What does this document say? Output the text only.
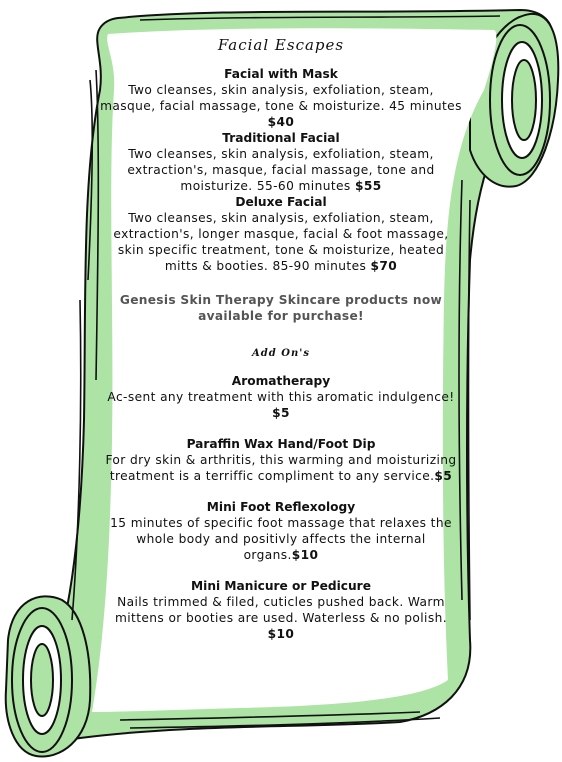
Facial Escapes
Facial with Mask
Two cleanses, skin analysis, exfoliation, steam, masque, facial massage, tone & moisturize. 45 minutes $40
Traditional Facial
Two cleanses, skin analysis, exfoliation, steam, extraction's, masque, facial massage, tone and moisturize. 55-60 minutes $55
Deluxe Facial
Two cleanses, skin analysis, exfoliation, steam, extraction's, longer masque, facial & foot massage, skin specific treatment, tone & moisturize, heated mitts & booties. 85-90 minutes $70
Genesis Skin Therapy Skincare products now available for purchase!
Add On's
Aromatherapy
Ac-sent any treatment with this aromatic indulgence! $5
Paraffin Wax Hand/Foot Dip
For dry skin & arthritis, this warming and moisturizing treatment is a terriffic compliment to any service.$5
Mini Foot Reflexology
15 minutes of specific foot massage that relaxes the whole body and positivly affects the internal organs.$10
Mini Manicure or Pedicure
Nails trimmed & filed, cuticles pushed back. Warm mittens or booties are used. Waterless & no polish. $10
